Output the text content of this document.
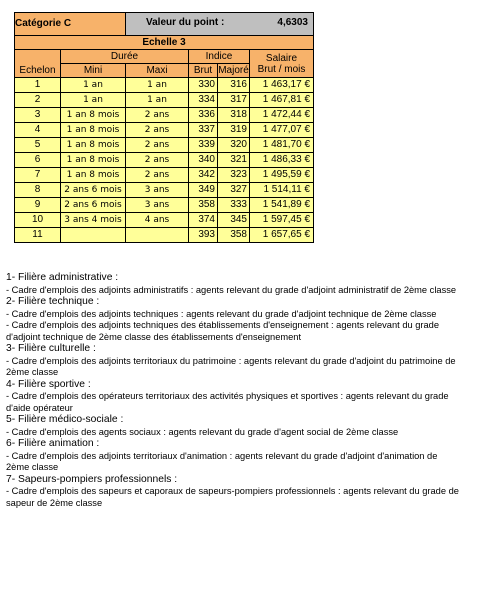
Catégorie C		Valeur du point : 4,6303			

Echelle 3					
Echelon	Durée		Indice		Salaire
Brut / mois

	Mini	Maxi	Brut	Majoré	
1	1 an	1 an	330	316	1 463,17 €
2	1 an	1 an	334	317	1 467,81 €
3	1 an 8 mois	2 ans	336	318	1 472,44 €
4	1 an 8 mois	2 ans	337	319	1 477,07 €
5	1 an 8 mois	2 ans	339	320	1 481,70 €
6	1 an 8 mois	2 ans	340	321	1 486,33 €
7	1 an 8 mois	2 ans	342	323	1 495,59 €
8	2 ans 6 mois	3 ans	349	327	1 514,11 €
9	2 ans 6 mois	3 ans	358	333	1 541,89 €
10	3 ans 4 mois	4 ans	374	345	1 597,45 €
11			393	358	1 657,65 €
1- Filière administrative :
- Cadre d'emplois des adjoints administratifs : agents relevant du grade d'adjoint administratif de 2ème classe
2- Filière technique :
- Cadre d'emplois des adjoints techniques : agents relevant du grade d'adjoint technique de 2ème classe
- Cadre d'emplois des adjoints techniques des établissements d'enseignement : agents relevant du grade
d'adjoint technique de 2ème classe des établissements d'enseignement
3- Filière culturelle :
- Cadre d'emplois des adjoints territoriaux du patrimoine : agents relevant du grade d'adjoint du patrimoine de
2ème classe
4- Filière sportive :
- Cadre d'emplois des opérateurs territoriaux des activités physiques et sportives : agents relevant du grade
d'aide opérateur
5- Filière médico-sociale :
- Cadre d'emplois des agents sociaux : agents relevant du grade d'agent social de 2ème classe
6- Filière animation :
- Cadre d'emplois des adjoints territoriaux d'animation : agents relevant du grade d'adjoint d'animation de
2ème classe
7- Sapeurs-pompiers professionnels :
- Cadre d'emplois des sapeurs et caporaux de sapeurs-pompiers professionnels : agents relevant du grade de
sapeur de 2ème classe
